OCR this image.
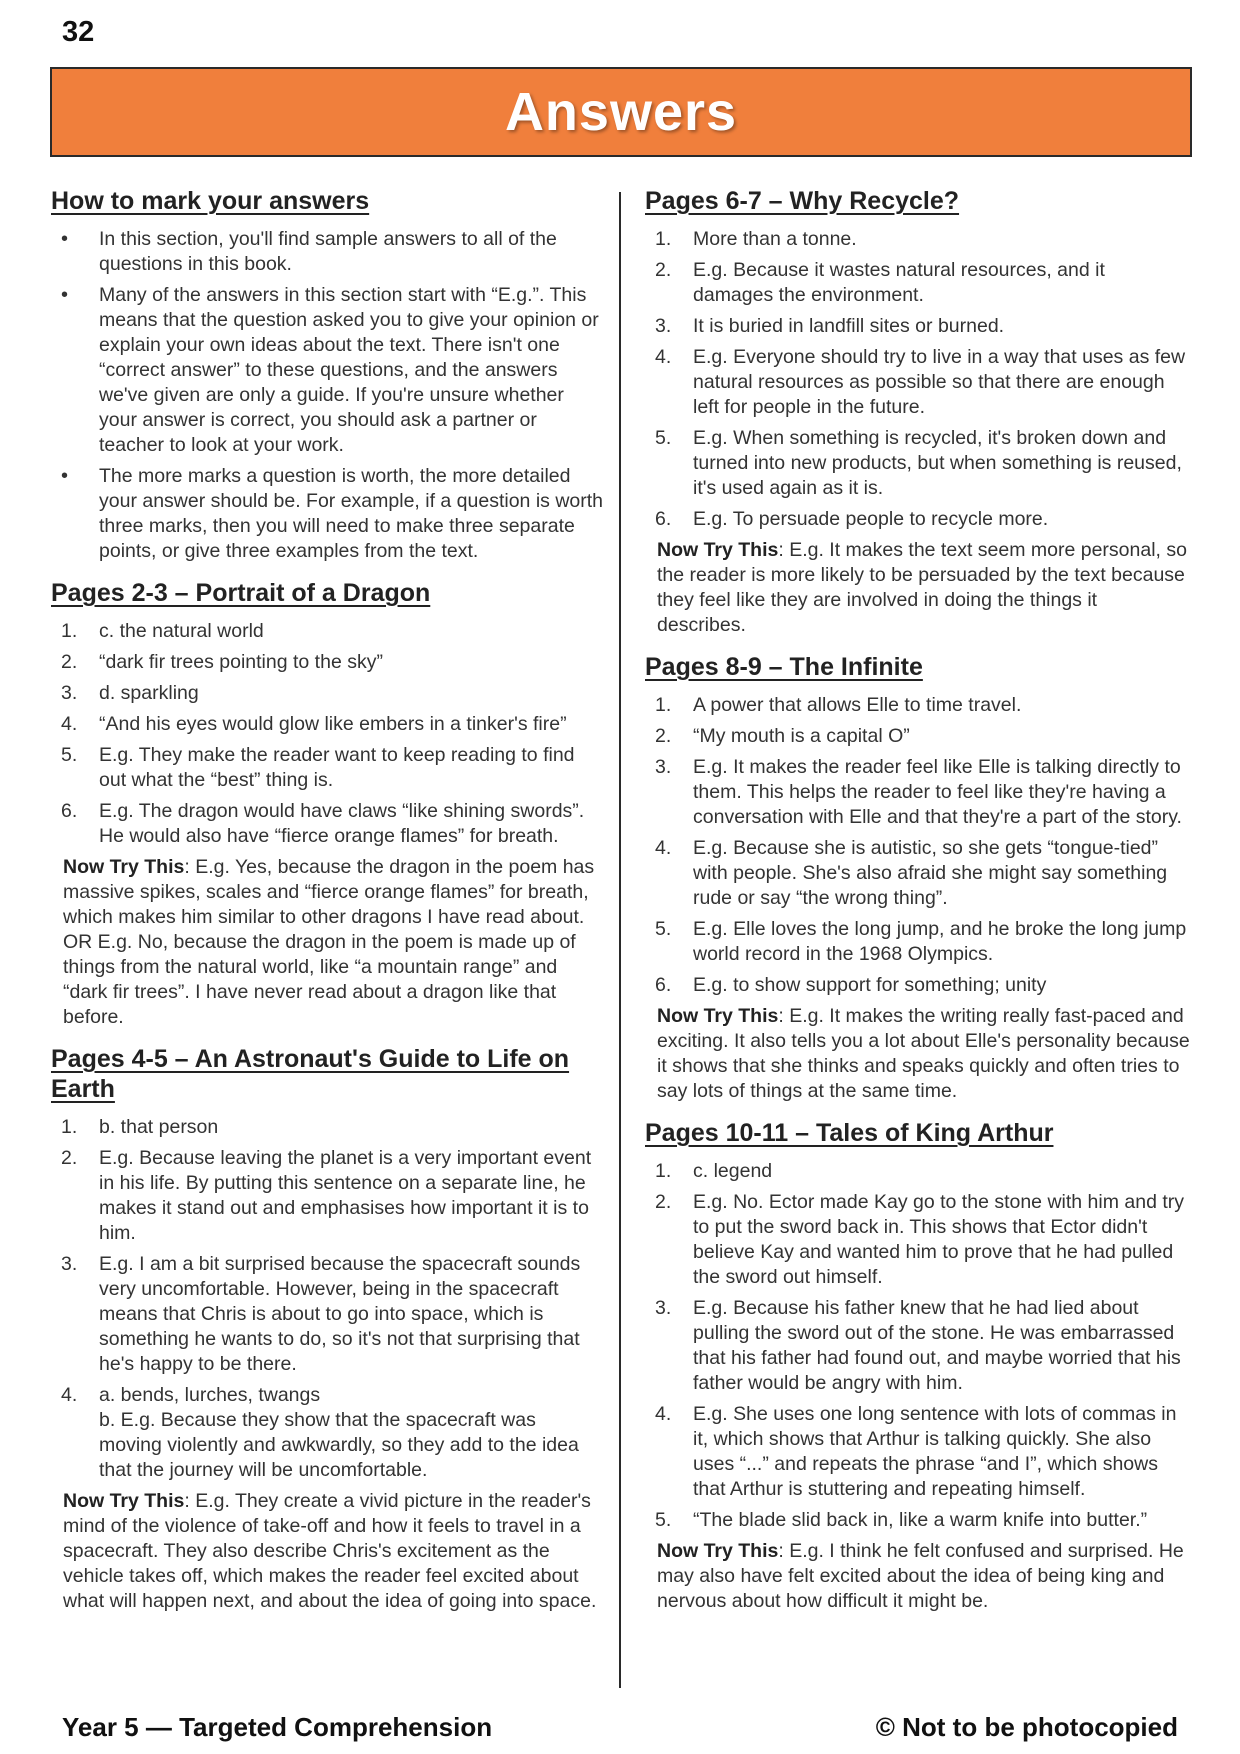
32
Answers
How to mark your answers
• In this section, you'll find sample answers to all of the questions in this book.
• Many of the answers in this section start with “E.g.”. This means that the question asked you to give your opinion or explain your own ideas about the text. There isn't one “correct answer” to these questions, and the answers we've given are only a guide. If you're unsure whether your answer is correct, you should ask a partner or teacher to look at your work.
• The more marks a question is worth, the more detailed your answer should be. For example, if a question is worth three marks, then you will need to make three separate points, or give three examples from the text.
Pages 2-3 – Portrait of a Dragon
1. c. the natural world
2. “dark fir trees pointing to the sky”
3. d. sparkling
4. “And his eyes would glow like embers in a tinker's fire”
5. E.g. They make the reader want to keep reading to find out what the “best” thing is.
6. E.g. The dragon would have claws “like shining swords”. He would also have “fierce orange flames” for breath.

Now Try This: E.g. Yes, because the dragon in the poem has massive spikes, scales and “fierce orange flames” for breath, which makes him similar to other dragons I have read about. OR E.g. No, because the dragon in the poem is made up of things from the natural world, like “a mountain range” and “dark fir trees”. I have never read about a dragon like that before.

Pages 4-5 – An Astronaut's Guide to Life on Earth
1. b. that person
2. E.g. Because leaving the planet is a very important event in his life. By putting this sentence on a separate line, he makes it stand out and emphasises how important it is to him.
3. E.g. I am a bit surprised because the spacecraft sounds very uncomfortable. However, being in the spacecraft means that Chris is about to go into space, which is something he wants to do, so it's not that surprising that he's happy to be there.
4. a. bends, lurches, twangs
b. E.g. Because they show that the spacecraft was moving violently and awkwardly, so they add to the idea that the journey will be uncomfortable.

Now Try This: E.g. They create a vivid picture in the reader's mind of the violence of take-off and how it feels to travel in a spacecraft. They also describe Chris's excitement as the vehicle takes off, which makes the reader feel excited about what will happen next, and about the idea of going into space.

Pages 6-7 – Why Recycle?
1. More than a tonne.
2. E.g. Because it wastes natural resources, and it damages the environment.
3. It is buried in landfill sites or burned.
4. E.g. Everyone should try to live in a way that uses as few natural resources as possible so that there are enough left for people in the future.
5. E.g. When something is recycled, it's broken down and turned into new products, but when something is reused, it's used again as it is.
6. E.g. To persuade people to recycle more.

Now Try This: E.g. It makes the text seem more personal, so the reader is more likely to be persuaded by the text because they feel like they are involved in doing the things it describes.

Pages 8-9 – The Infinite
1. A power that allows Elle to time travel.
2. “My mouth is a capital O”
3. E.g. It makes the reader feel like Elle is talking directly to them. This helps the reader to feel like they're having a conversation with Elle and that they're a part of the story.
4. E.g. Because she is autistic, so she gets “tongue-tied” with people. She's also afraid she might say something rude or say “the wrong thing”.
5. E.g. Elle loves the long jump, and he broke the long jump world record in the 1968 Olympics.
6. E.g. to show support for something; unity

Now Try This: E.g. It makes the writing really fast-paced and exciting. It also tells you a lot about Elle's personality because it shows that she thinks and speaks quickly and often tries to say lots of things at the same time.

Pages 10-11 – Tales of King Arthur
1. c. legend
2. E.g. No. Ector made Kay go to the stone with him and try to put the sword back in. This shows that Ector didn't believe Kay and wanted him to prove that he had pulled the sword out himself.
3. E.g. Because his father knew that he had lied about pulling the sword out of the stone. He was embarrassed that his father had found out, and maybe worried that his father would be angry with him.
4. E.g. She uses one long sentence with lots of commas in it, which shows that Arthur is talking quickly. She also uses “...” and repeats the phrase “and I”, which shows that Arthur is stuttering and repeating himself.
5. “The blade slid back in, like a warm knife into butter.”

Now Try This: E.g. I think he felt confused and surprised. He may also have felt excited about the idea of being king and nervous about how difficult it might be.

Year 5 — Targeted Comprehension	© Not to be photocopied
